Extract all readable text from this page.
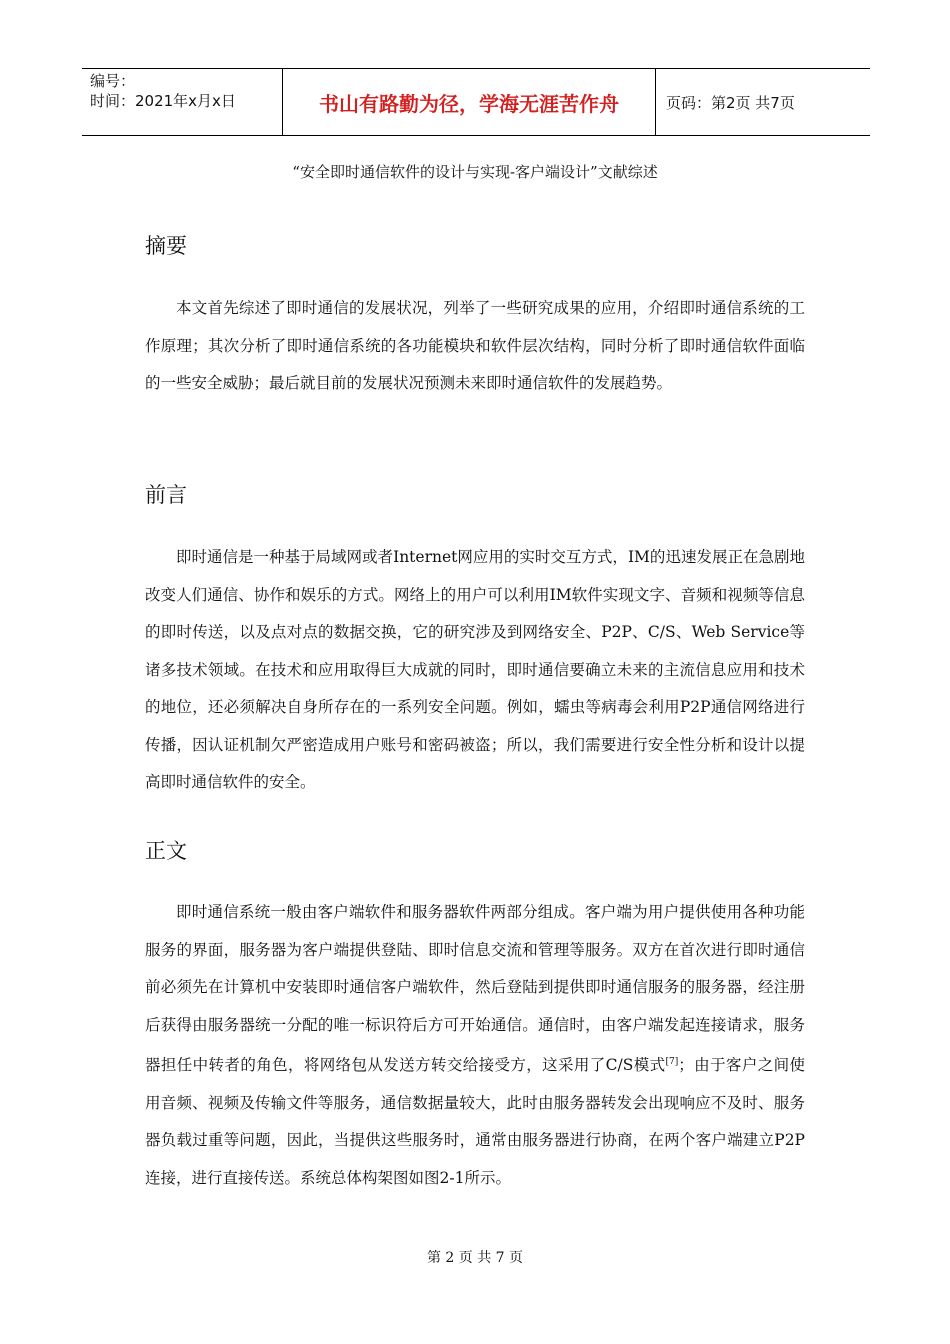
编号：
时间：2021年x月x日	书山有路勤为径，学海无涯苦作舟	页码：第2页 共7页
“安全即时通信软件的设计与实现-客户端设计”文献综述
摘要

本文首先综述了即时通信的发展状况，列举了一些研究成果的应用，介绍即时通信系统的工作原理；其次分析了即时通信系统的各功能模块和软件层次结构，同时分析了即时通信软件面临的一些安全威胁；最后就目前的发展状况预测未来即时通信软件的发展趋势。

前言

即时通信是一种基于局域网或者Internet网应用的实时交互方式，IM的迅速发展正在急剧地改变人们通信、协作和娱乐的方式。网络上的用户可以利用IM软件实现文字、音频和视频等信息的即时传送，以及点对点的数据交换，它的研究涉及到网络安全、P2P、C/S、Web Service等诸多技术领域。在技术和应用取得巨大成就的同时，即时通信要确立未来的主流信息应用和技术的地位，还必须解决自身所存在的一系列安全问题。例如，蠕虫等病毒会利用P2P通信网络进行传播，因认证机制欠严密造成用户账号和密码被盗；所以，我们需要进行安全性分析和设计以提高即时通信软件的安全。

正文

即时通信系统一般由客户端软件和服务器软件两部分组成。客户端为用户提供使用各种功能服务的界面，服务器为客户端提供登陆、即时信息交流和管理等服务。双方在首次进行即时通信前必须先在计算机中安装即时通信客户端软件，然后登陆到提供即时通信服务的服务器，经注册后获得由服务器统一分配的唯一标识符后方可开始通信。通信时，由客户端发起连接请求，服务器担任中转者的角色，将网络包从发送方转交给接受方，这采用了C/S模式[7]；由于客户之间使用音频、视频及传输文件等服务，通信数据量较大，此时由服务器转发会出现响应不及时、服务器负载过重等问题，因此，当提供这些服务时，通常由服务器进行协商，在两个客户端建立P2P连接，进行直接传送。系统总体构架图如图2-1所示。

第 2 页 共 7 页
